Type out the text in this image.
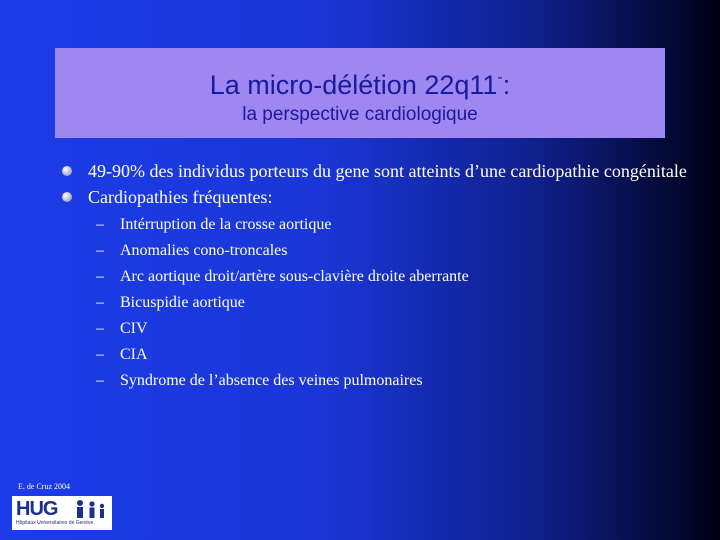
La micro-délétion 22q11-:
la perspective cardiologique
49-90% des individus porteurs du gene sont atteints d’une cardiopathie congénitale
Cardiopathies fréquentes:
– Intérruption de la crosse aortique
– Anomalies cono-troncales
– Arc aortique droit/artère sous-clavière droite aberrante
– Bicuspidie aortique
– CIV
– CIA
– Syndrome de l’absence des veines pulmonaires
E. de Cruz 2004
HUG
Hôpitaux Universitaires de Genève
